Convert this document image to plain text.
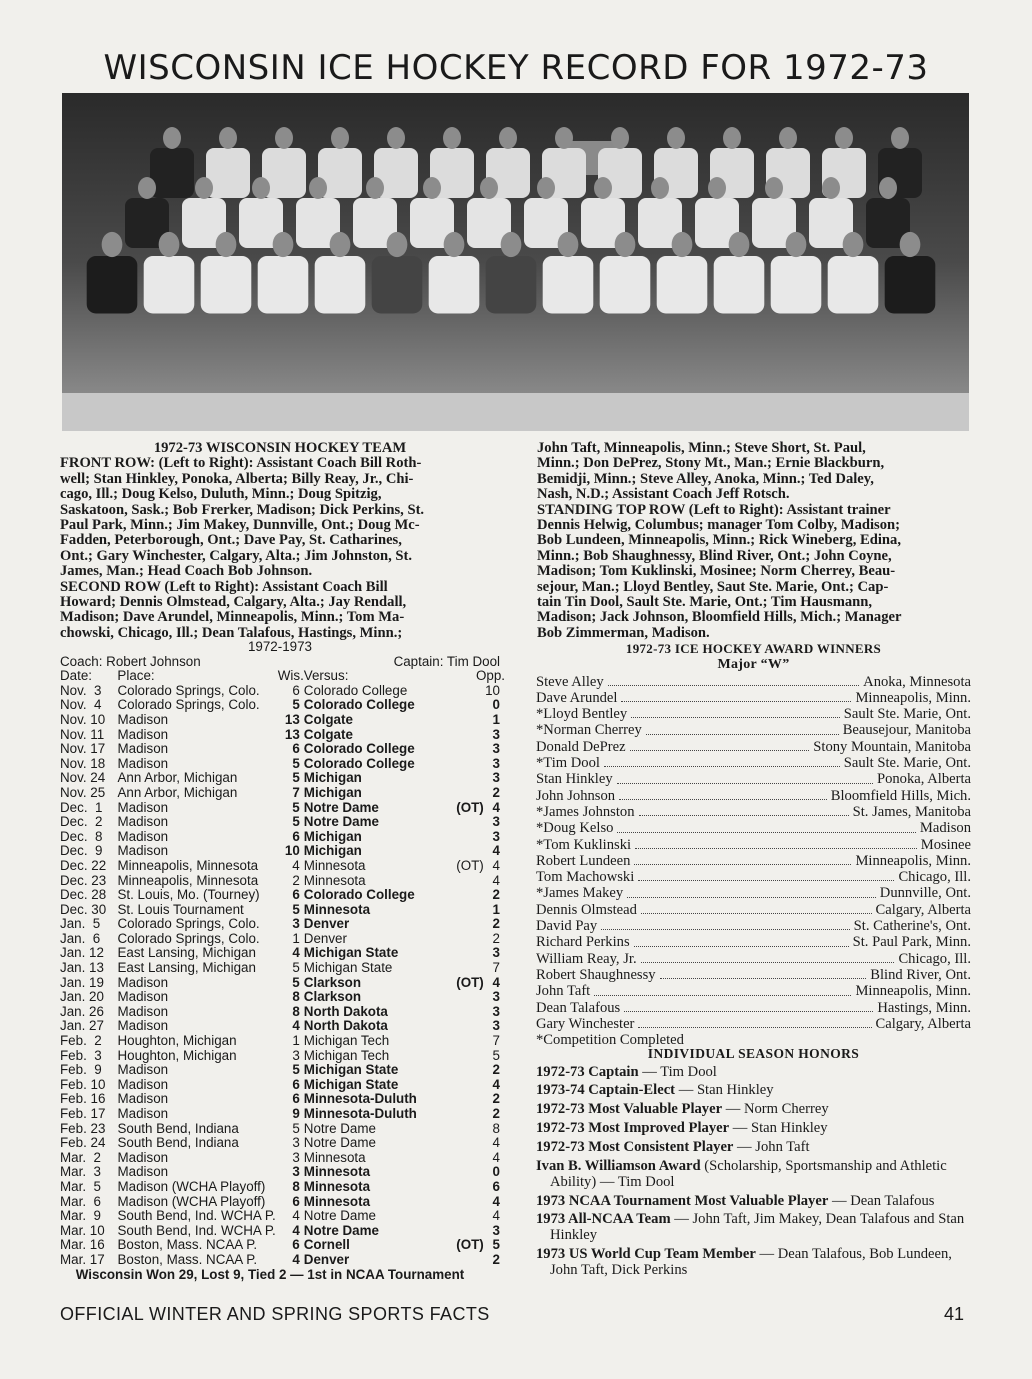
WISCONSIN ICE HOCKEY RECORD FOR 1972-73
1972-73 WISCONSIN HOCKEY TEAM
FRONT ROW: (Left to Right): Assistant Coach Bill Roth-
well; Stan Hinkley, Ponoka, Alberta; Billy Reay, Jr., Chi-
cago, Ill.; Doug Kelso, Duluth, Minn.; Doug Spitzig,
Saskatoon, Sask.; Bob Frerker, Madison; Dick Perkins, St.
Paul Park, Minn.; Jim Makey, Dunnville, Ont.; Doug Mc-
Fadden, Peterborough, Ont.; Dave Pay, St. Catharines,
Ont.; Gary Winchester, Calgary, Alta.; Jim Johnston, St.
James, Man.; Head Coach Bob Johnson.
SECOND ROW (Left to Right): Assistant Coach Bill
Howard; Dennis Olmstead, Calgary, Alta.; Jay Rendall,
Madison; Dave Arundel, Minneapolis, Minn.; Tom Ma-
chowski, Chicago, Ill.; Dean Talafous, Hastings, Minn.;
John Taft, Minneapolis, Minn.; Steve Short, St. Paul,
Minn.; Don DePrez, Stony Mt., Man.; Ernie Blackburn,
Bemidji, Minn.; Steve Alley, Anoka, Minn.; Ted Daley,
Nash, N.D.; Assistant Coach Jeff Rotsch.
STANDING TOP ROW (Left to Right): Assistant trainer
Dennis Helwig, Columbus; manager Tom Colby, Madison;
Bob Lundeen, Minneapolis, Minn.; Rick Wineberg, Edina,
Minn.; Bob Shaughnessy, Blind River, Ont.; John Coyne,
Madison; Tom Kuklinski, Mosinee; Norm Cherrey, Beau-
sejour, Man.; Lloyd Bentley, Saut Ste. Marie, Ont.; Cap-
tain Tin Dool, Sault Ste. Marie, Ont.; Tim Hausmann,
Madison; Jack Johnson, Bloomfield Hills, Mich.; Manager
Bob Zimmerman, Madison.
1972-1973
Coach: Robert Johnson	Captain: Tim Dool
Date:	Place:	Wis. Versus:	Opp.
Nov.  3	Colorado Springs, Colo.	6 Colorado College	10
Nov.  4	Colorado Springs, Colo.	5 Colorado College	0
Nov. 10 Madison	13 Colgate	1
Nov. 11 Madison	13 Colgate	3
Nov. 17 Madison	6 Colorado College	3
Nov. 18 Madison	5 Colorado College	3
Nov. 24 Ann Arbor, Michigan	5 Michigan	3
Nov. 25 Ann Arbor, Michigan	7 Michigan	2
Dec.  1	Madison	5 Notre Dame	(OT) 4
Dec.  2	Madison	5 Notre Dame	3
Dec.  8	Madison	6 Michigan	3
Dec.  9	Madison	10 Michigan	4
Dec. 22 Minneapolis, Minnesota	4 Minnesota	(OT) 4
Dec. 23 Minneapolis, Minnesota	2 Minnesota	4
Dec. 28 St. Louis, Mo. (Tourney)	6 Colorado College	2
Dec. 30 St. Louis Tournament	5 Minnesota	1
Jan.  5	Colorado Springs, Colo.	3 Denver	2
Jan.  6	Colorado Springs, Colo.	1 Denver	2
Jan. 12	East Lansing, Michigan	4 Michigan State	3
Jan. 13	East Lansing, Michigan	5 Michigan State	7
Jan. 19	Madison	5 Clarkson	(OT) 4
Jan. 20	Madison	8 Clarkson	3
Jan. 26	Madison	8 North Dakota	3
Jan. 27	Madison	4 North Dakota	3
Feb.  2	Houghton, Michigan	1 Michigan Tech	7
Feb.  3	Houghton, Michigan	3 Michigan Tech	5
Feb.  9	Madison	5 Michigan State	2
Feb. 10 Madison	6 Michigan State	4
Feb. 16 Madison	6 Minnesota-Duluth	2
Feb. 17 Madison	9 Minnesota-Duluth	2
Feb. 23 South Bend, Indiana	5 Notre Dame	8
Feb. 24 South Bend, Indiana	3 Notre Dame	4
Mar.  2	Madison	3 Minnesota	4
Mar.  3	Madison	3 Minnesota	0
Mar.  5	Madison (WCHA Playoff)	8 Minnesota	6
Mar.  6	Madison (WCHA Playoff)	6 Minnesota	4
Mar.  9	South Bend, Ind. WCHA P.	4 Notre Dame	4
Mar. 10 South Bend, Ind. WCHA P.	4 Notre Dame	3
Mar. 16 Boston, Mass. NCAA P.	6 Cornell	(OT) 5
Mar. 17 Boston, Mass. NCAA P.	4 Denver	2
Wisconsin Won 29, Lost 9, Tied 2 — 1st in NCAA Tournament
1972-73 ICE HOCKEY AWARD WINNERS
Major “W”
Steve Alley	Anoka, Minnesota
Dave Arundel	Minneapolis, Minn.
*Lloyd Bentley	Sault Ste. Marie, Ont.
*Norman Cherrey	Beausejour, Manitoba
Donald DePrez	Stony Mountain, Manitoba
*Tim Dool	Sault Ste. Marie, Ont.
Stan Hinkley	Ponoka, Alberta
John Johnson	Bloomfield Hills, Mich.
*James Johnston	St. James, Manitoba
*Doug Kelso	Madison
*Tom Kuklinski	Mosinee
Robert Lundeen	Minneapolis, Minn.
Tom Machowski	Chicago, Ill.
*James Makey	Dunnville, Ont.
Dennis Olmstead	Calgary, Alberta
David Pay	St. Catherine's, Ont.
Richard Perkins	St. Paul Park, Minn.
William Reay, Jr.	Chicago, Ill.
Robert Shaughnessy	Blind River, Ont.
John Taft	Minneapolis, Minn.
Dean Talafous	Hastings, Minn.
Gary Winchester	Calgary, Alberta
*Competition Completed
INDIVIDUAL SEASON HONORS
1972-73 Captain — Tim Dool
1973-74 Captain-Elect — Stan Hinkley
1972-73 Most Valuable Player — Norm Cherrey
1972-73 Most Improved Player — Stan Hinkley
1972-73 Most Consistent Player — John Taft
Ivan B. Williamson Award (Scholarship, Sportsmanship and Athletic Ability) — Tim Dool
1973 NCAA Tournament Most Valuable Player — Dean Talafous
1973 All-NCAA Team — John Taft, Jim Makey, Dean Talafous and Stan Hinkley
1973 US World Cup Team Member — Dean Talafous, Bob Lundeen, John Taft, Dick Perkins
OFFICIAL WINTER AND SPRING SPORTS FACTS	41
